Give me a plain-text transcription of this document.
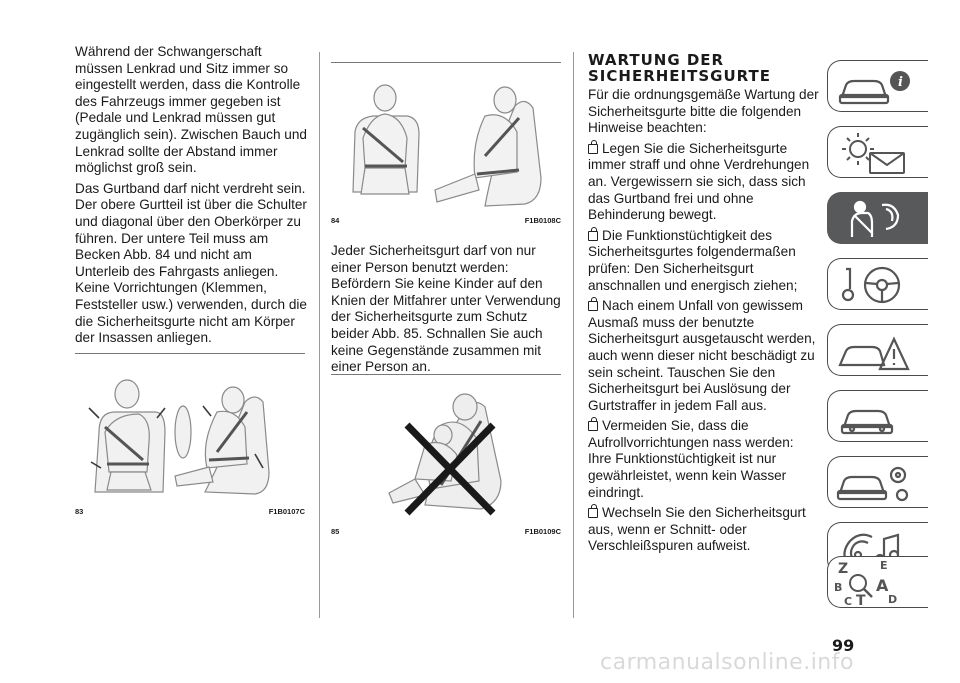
Während der Schwangerschaft müssen Lenkrad und Sitz immer so eingestellt werden, dass die Kontrolle des Fahrzeugs immer gegeben ist (Pedale und Lenkrad müssen gut zugänglich sein). Zwischen Bauch und Lenkrad sollte der Abstand immer möglichst groß sein.

Das Gurtband darf nicht verdreht sein. Der obere Gurtteil ist über die Schulter und diagonal über den Oberkörper zu führen. Der untere Teil muss am Becken Abb. 84 und nicht am Unterleib des Fahrgasts anliegen. Keine Vorrichtungen (Klemmen, Feststeller usw.) verwenden, durch die die Sicherheitsgurte nicht am Körper der Insassen anliegen.

83	F1B0107C
84	F1B0108C

Jeder Sicherheitsgurt darf von nur einer Person benutzt werden: Befördern Sie keine Kinder auf den Knien der Mitfahrer unter Verwendung der Sicherheitsgurte zum Schutz beider Abb. 85. Schnallen Sie auch keine Gegenstände zusammen mit einer Person an.

85	F1B0109C
WARTUNG DER SICHERHEITSGURTE

Für die ordnungsgemäße Wartung der Sicherheitsgurte bitte die folgenden Hinweise beachten:

Legen Sie die Sicherheitsgurte immer straff und ohne Verdrehungen an. Vergewissern sie sich, dass sich das Gurtband frei und ohne Behinderung bewegt.

Die Funktionstüchtigkeit des Sicherheitsgurtes folgendermaßen prüfen: Den Sicherheitsgurt anschnallen und energisch ziehen;

Nach einem Unfall von gewissem Ausmaß muss der benutzte Sicherheitsgurt ausgetauscht werden, auch wenn dieser nicht beschädigt zu sein scheint. Tauschen Sie den Sicherheitsgurt bei Auslösung der Gurtstraffer in jedem Fall aus.

Vermeiden Sie, dass die Aufrollvorrichtungen nass werden: Ihre Funktionstüchtigkeit ist nur gewährleistet, wenn kein Wasser eindringt.

Wechseln Sie den Sicherheitsgurt aus, wenn er Schnitt- oder Verschleißspuren aufweist.

i
Z	E
B A
C T D
99
carmanualsonline.info
